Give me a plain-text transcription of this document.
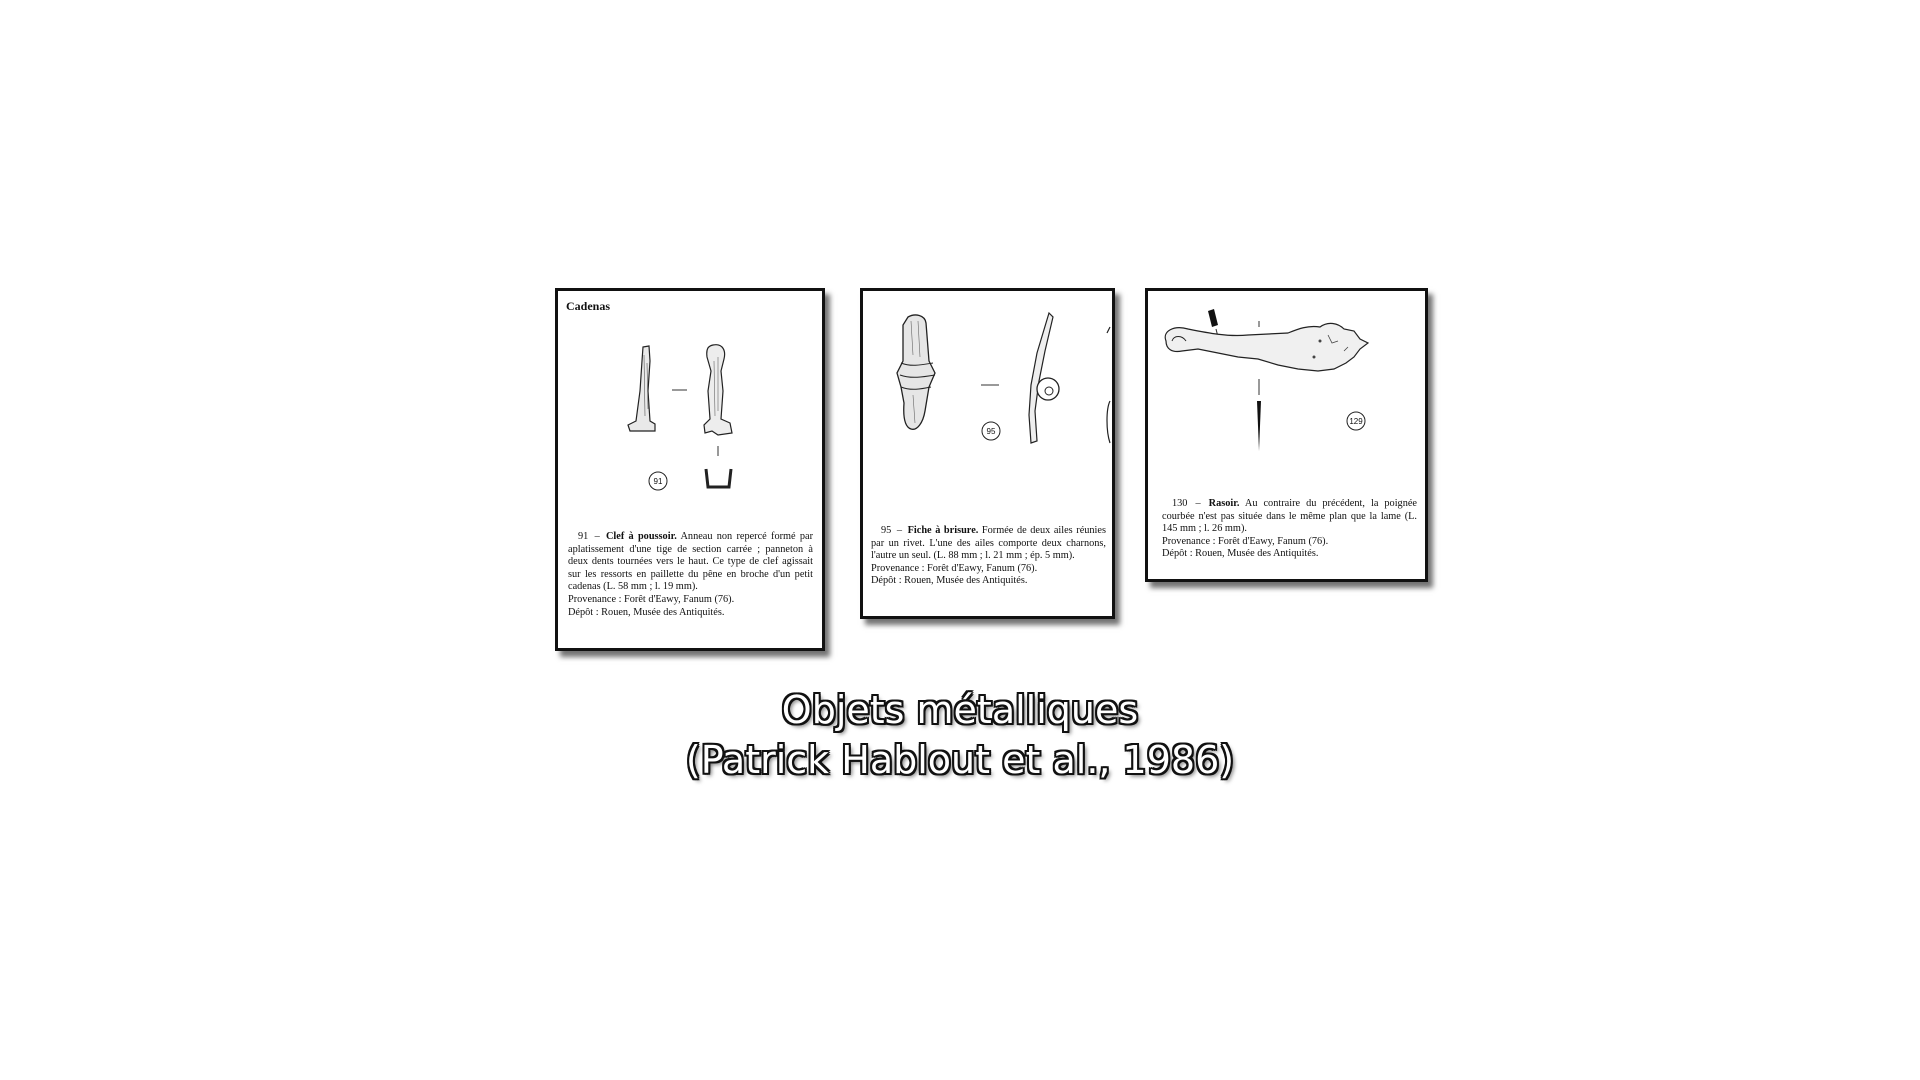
Cadenas
91

91 – Clef à poussoir. Anneau non repercé formé par aplatissement d'une tige de section carrée ; panneton à deux dents tournées vers le haut. Ce type de clef agissait sur les ressorts en paillette du pêne en broche d'un petit cadenas (L. 58 mm ; l. 19 mm).

Provenance : Forêt d'Eawy, Fanum (76).

Dépôt : Rouen, Musée des Antiquités.

95

95 – Fiche à brisure. Formée de deux ailes réunies par un rivet. L'une des ailes comporte deux charnons, l'autre un seul. (L. 88 mm ; l. 21 mm ; ép. 5 mm).

Provenance : Forêt d'Eawy, Fanum (76).

Dépôt : Rouen, Musée des Antiquités.

129

130 – Rasoir. Au contraire du précédent, la poignée courbée n'est pas située dans le même plan que la lame (L. 145 mm ; l. 26 mm).

Provenance : Forêt d'Eawy, Fanum (76).

Dépôt : Rouen, Musée des Antiquités.

Objets métalliques
(Patrick Hablout et al., 1986)
